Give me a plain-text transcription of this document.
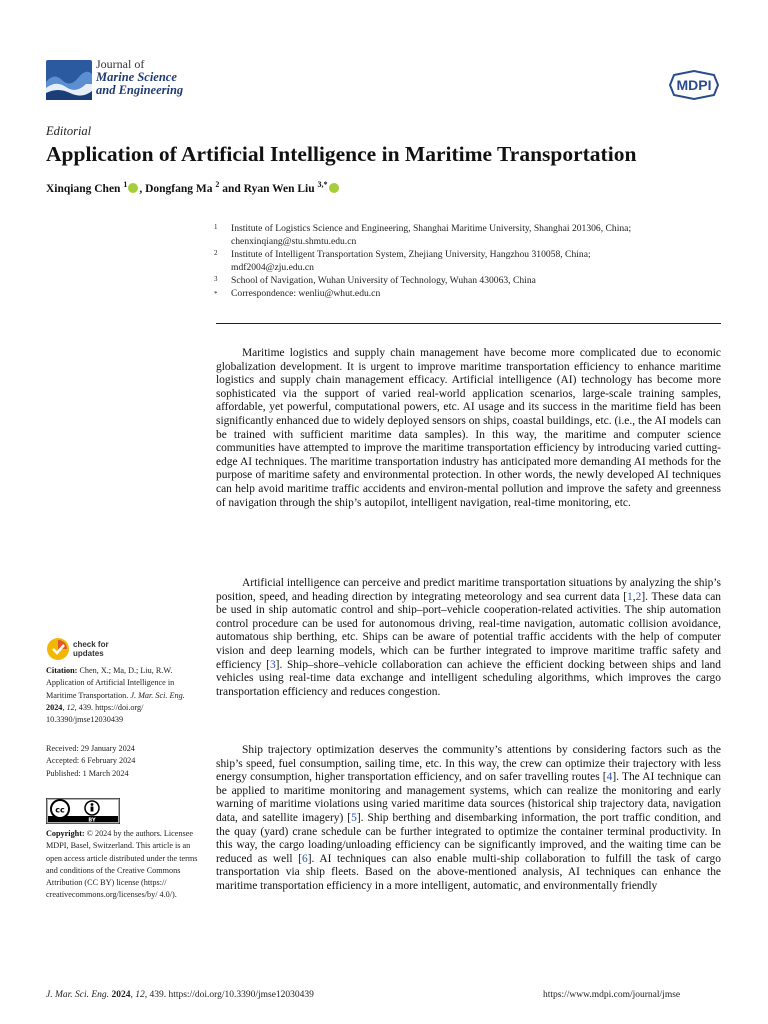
Journal of
Marine Science
and Engineering	MDPI
Editorial
Application of Artificial Intelligence in Maritime Transportation
Xinqiang Chen $^1$ , Dongfang Ma $^2$ and Ryan Wen Liu $^{3,*}$
1 Institute of Logistics Science and Engineering, Shanghai Maritime University, Shanghai 201306, China;
chenxinqiang@stu.shmtu.edu.cn
2 Institute of Intelligent Transportation System, Zhejiang University, Hangzhou 310058, China;
mdf2004@zju.edu.cn
3 School of Navigation, Wuhan University of Technology, Wuhan 430063, China
* Correspondence: wenliu@whut.edu.cn

Maritime logistics and supply chain management have become more complicated due to economic globalization development. It is urgent to improve maritime transportation efficiency to enhance maritime logistics and supply chain management efficacy. Artificial intelligence (AI) technology has become more sophisticated via the support of varied real-world application scenarios, large-scale training samples, affordable, yet powerful, computational powers, etc. AI usage and its success in the maritime field has been significantly enhanced due to widely deployed sensors on ships, coastal buildings, etc. (i.e., the AI models can be trained with sufficient maritime data samples). In this way, the maritime and computer science communities have attempted to improve the maritime transportation efficiency by introducing varied cutting-edge AI techniques. The maritime transportation industry has anticipated more demanding AI methods for the purpose of maritime safety and environmental protection. In other words, the newly developed AI techniques can help avoid maritime traffic accidents and environ-mental pollution and improve the safety and greenness of navigation through the ship’s autopilot, intelligent navigation, real-time monitoring, etc.

Artificial intelligence can perceive and predict maritime transportation situations by analyzing the ship’s position, speed, and heading direction by integrating meteorology and sea current data [1,2]. These data can be used in ship automatic control and ship–port–vehicle cooperation-related activities. The ship automation control procedure can be used for autonomous driving, real-time navigation, automatic collision avoidance, automatous ship berthing, etc. Ships can be aware of potential traffic accidents with the help of computer vision and deep learning models, which can be further integrated to improve maritime traffic safety and efficiency [3]. Ship–shore–vehicle collaboration can achieve the efficient docking between ships and land vehicles using real-time data exchange and intelligent scheduling algorithms, which improves the cargo transportation efficiency and reduces congestion.

Ship trajectory optimization deserves the community’s attentions by considering factors such as the ship’s speed, fuel consumption, sailing time, etc. In this way, the crew can optimize their trajectory with less energy consumption, higher transportation efficiency, and on safer travelling routes [4]. The AI technique can be applied to maritime monitoring and management systems, which can realize the monitoring and early warning of maritime violations using varied maritime data sources (historical ship trajectory data, navigation data, and satellite imagery) [5]. Ship berthing and disembarking information, the port traffic condition, and the quay (yard) crane schedule can be further integrated to optimize the container terminal productivity. In this way, the cargo loading/unloading efficiency can be significantly improved, and the waiting time can be reduced as well [6]. AI techniques can also enable multi-ship collaboration to fulfill the task of cargo transportation via ship fleets. Based on the above-mentioned analysis, AI techniques can enhance the maritime transportation efficiency in a more intelligent, automatic, and environmentally friendly

check for
updates
Citation: Chen, X.; Ma, D.; Liu, R.W. Application of Artificial Intelligence in Maritime Transportation. J. Mar. Sci. Eng. 2024, 12, 439. https://doi.org/ 10.3390/jmse12030439
Received: 29 January 2024
Accepted: 6 February 2024
Published: 1 March 2024
cc
BY
Copyright: © 2024 by the authors. Licensee MDPI, Basel, Switzerland. This article is an open access article distributed under the terms and conditions of the Creative Commons Attribution (CC BY) license (https:// creativecommons.org/licenses/by/ 4.0/).
J. Mar. Sci. Eng. 2024, 12, 439. https://doi.org/10.3390/jmse12030439	https://www.mdpi.com/journal/jmse
